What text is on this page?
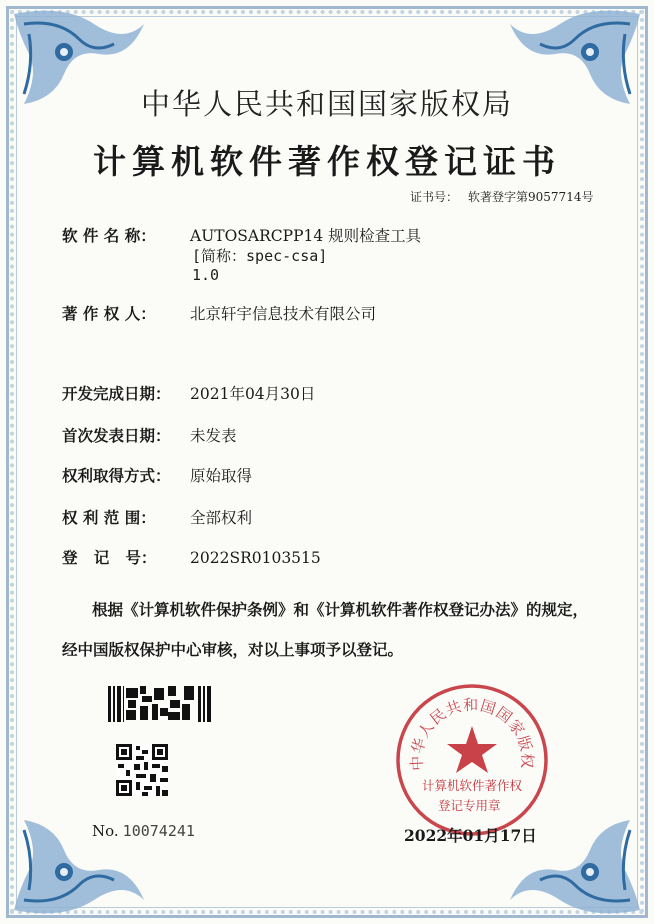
中华人民共和国国家版权局
计算机软件著作权登记证书
证书号： 软著登字第9057714号
软 件 名 称： AUTOSARCPP14 规则检查工具
[简称：spec-csa]
1.0
著 作 权 人： 北京轩宇信息技术有限公司
开发完成日期： 2021年04月30日
首次发表日期： 未发表
权利取得方式： 原始取得
权 利 范 围： 全部权利
登   记   号： 2022SR0103515
根据《计算机软件保护条例》和《计算机软件著作权登记办法》的规定，经中国版权保护中心审核，对以上事项予以登记。
No. 10074241
中华人民共和国国家版权
计算机软件著作权
登记专用章
2022年01月17日
